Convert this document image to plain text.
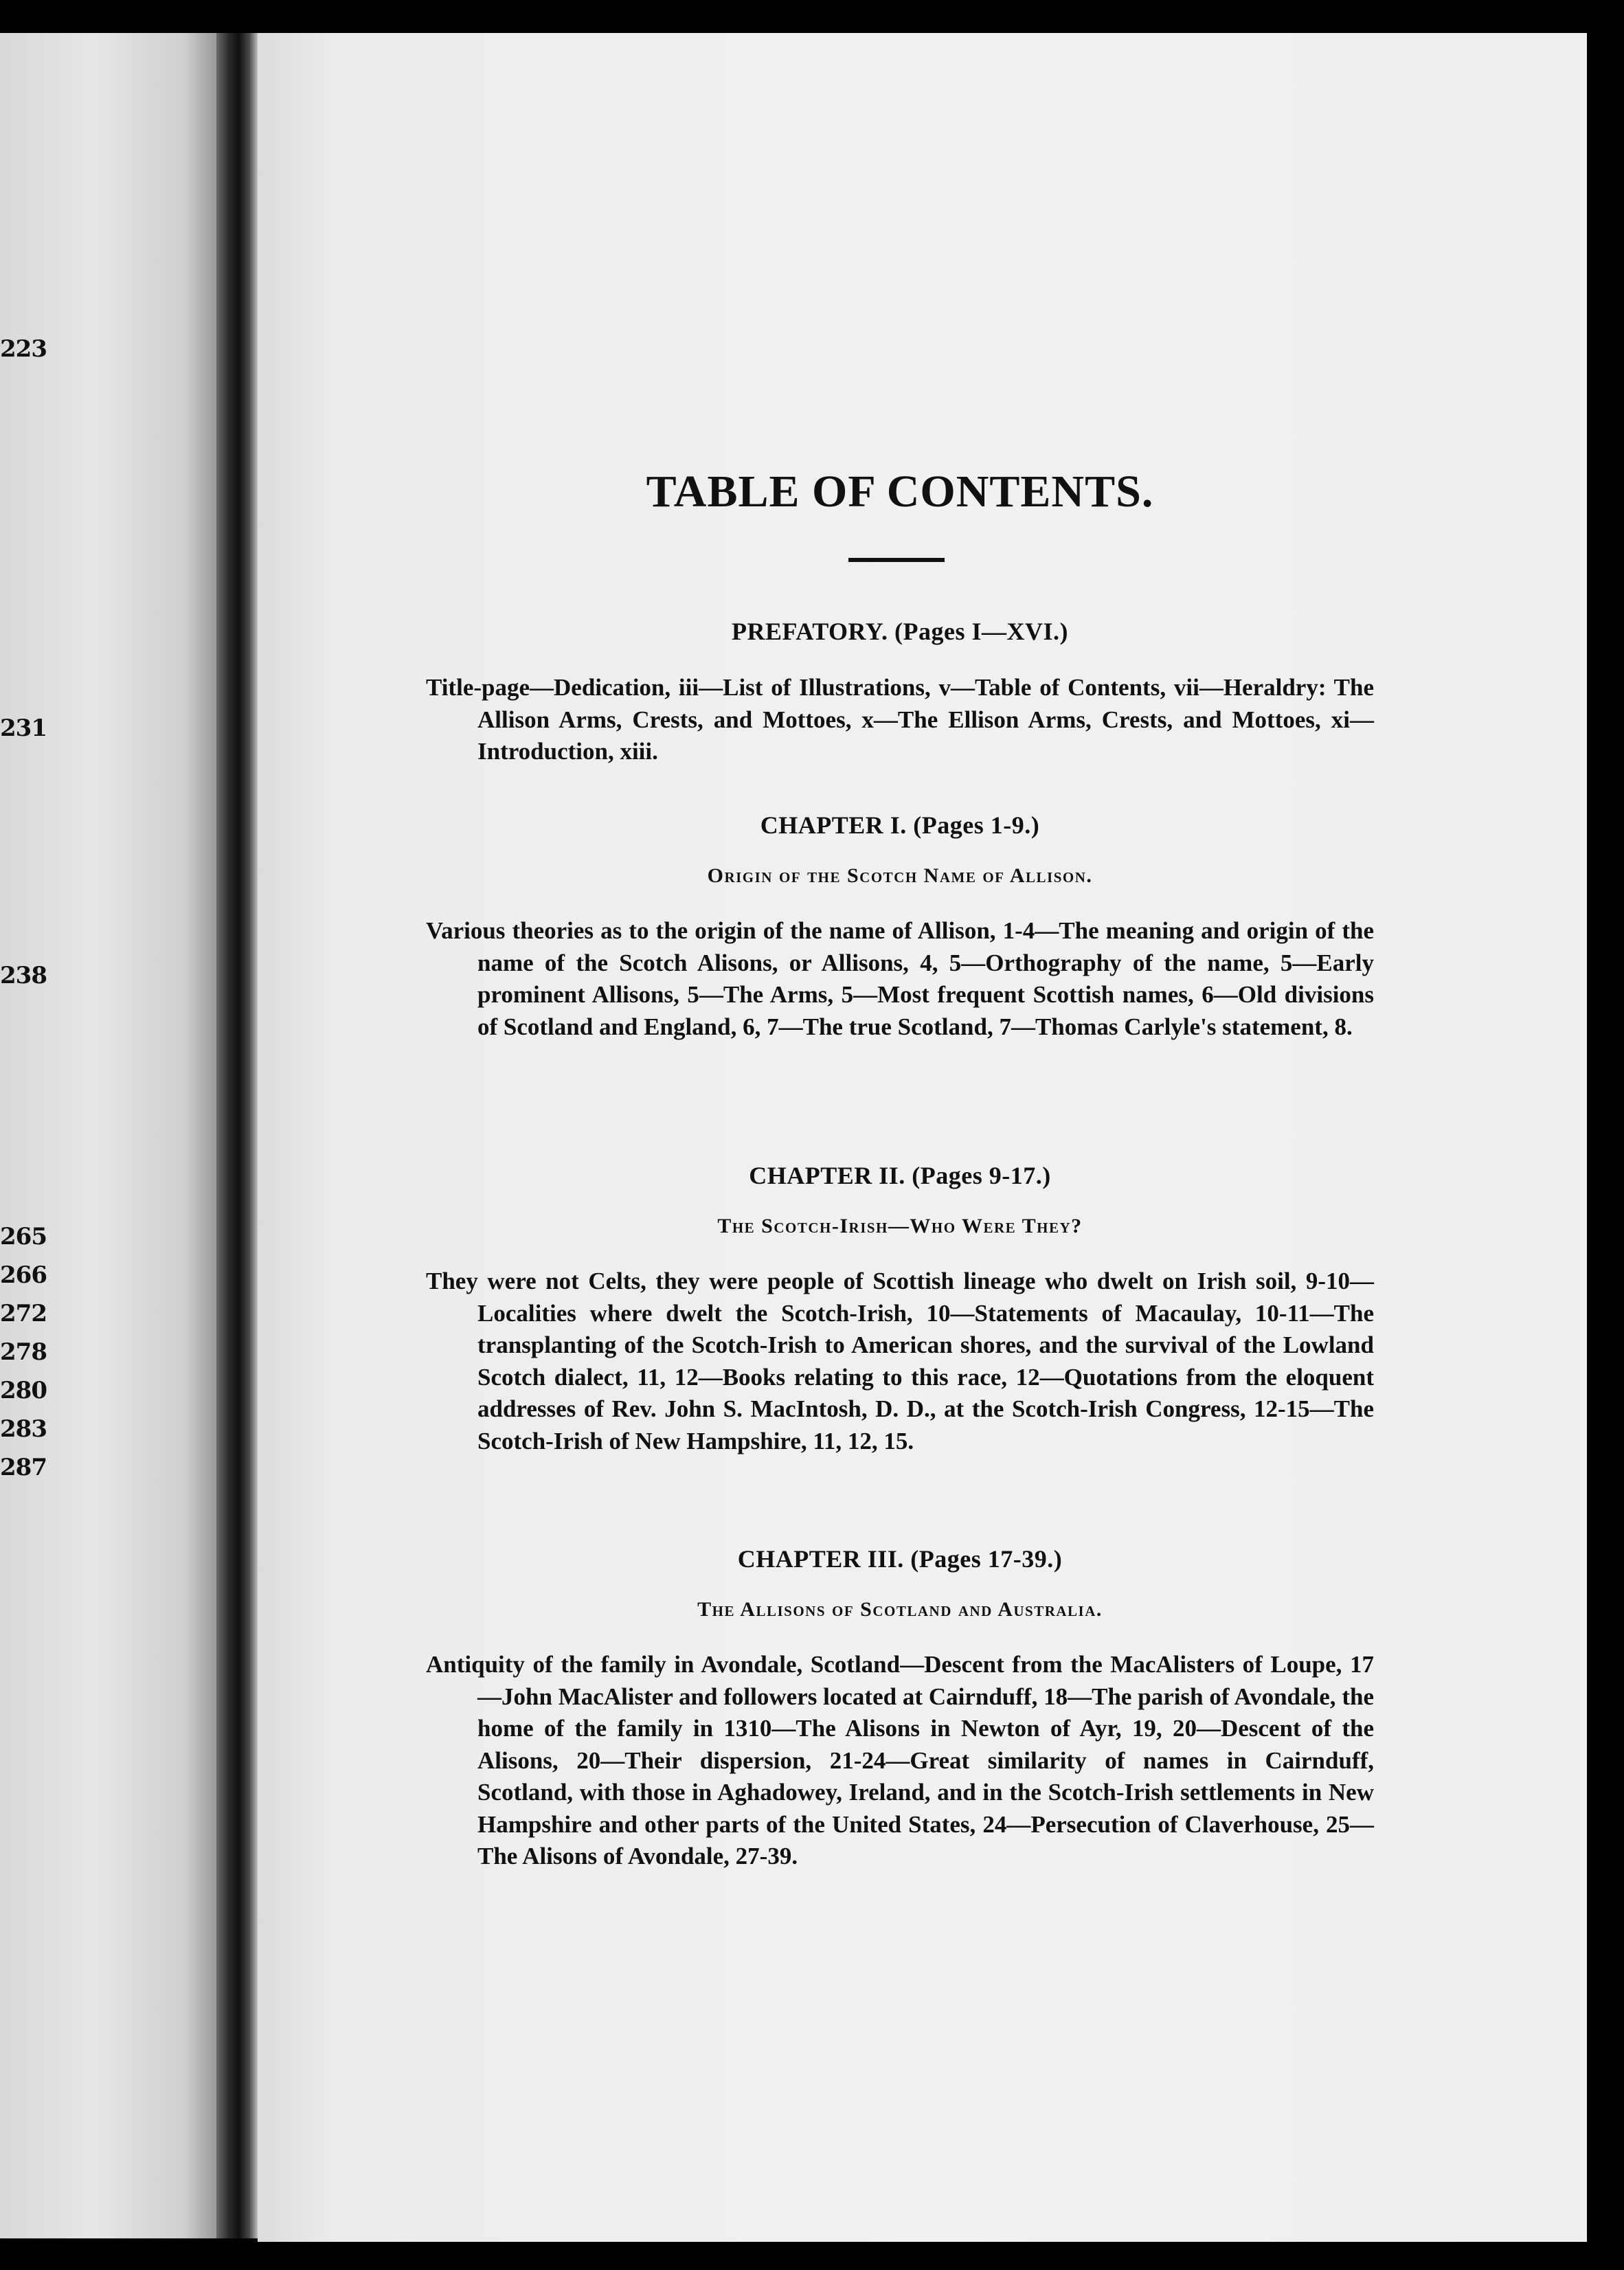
223
231
238
265
266
272
278
280
283
287
TABLE OF CONTENTS.
PREFATORY. (Pages I—XVI.)
Title-page—Dedication, iii—List of Illustrations, v—Table of Contents, vii—Heraldry: The Allison Arms, Crests, and Mottoes, x—The Ellison Arms, Crests, and Mottoes, xi—Introduction, xiii.
CHAPTER I. (Pages 1-9.)
Origin of the Scotch Name of Allison.
Various theories as to the origin of the name of Allison, 1-4—The meaning and origin of the name of the Scotch Alisons, or Allisons, 4, 5—Orthography of the name, 5—Early prominent Allisons, 5—The Arms, 5—Most frequent Scottish names, 6—Old divisions of Scotland and England, 6, 7—The true Scotland, 7—Thomas Carlyle's statement, 8.
CHAPTER II. (Pages 9-17.)
The Scotch-Irish—Who Were They?
They were not Celts, they were people of Scottish lineage who dwelt on Irish soil, 9-10—Localities where dwelt the Scotch-Irish, 10—Statements of Macaulay, 10-11—The transplanting of the Scotch-Irish to American shores, and the survival of the Lowland Scotch dialect, 11, 12—Books relating to this race, 12—Quotations from the eloquent addresses of Rev. John S. MacIntosh, D. D., at the Scotch-Irish Congress, 12-15—The Scotch-Irish of New Hampshire, 11, 12, 15.
CHAPTER III. (Pages 17-39.)
The Allisons of Scotland and Australia.
Antiquity of the family in Avondale, Scotland—Descent from the MacAlisters of Loupe, 17—John MacAlister and followers located at Cairnduff, 18—The parish of Avondale, the home of the family in 1310—The Alisons in Newton of Ayr, 19, 20—Descent of the Alisons, 20—Their dispersion, 21-24—Great similarity of names in Cairnduff, Scotland, with those in Aghadowey, Ireland, and in the Scotch-Irish settlements in New Hampshire and other parts of the United States, 24—Persecution of Claverhouse, 25—The Alisons of Avondale, 27-39.
